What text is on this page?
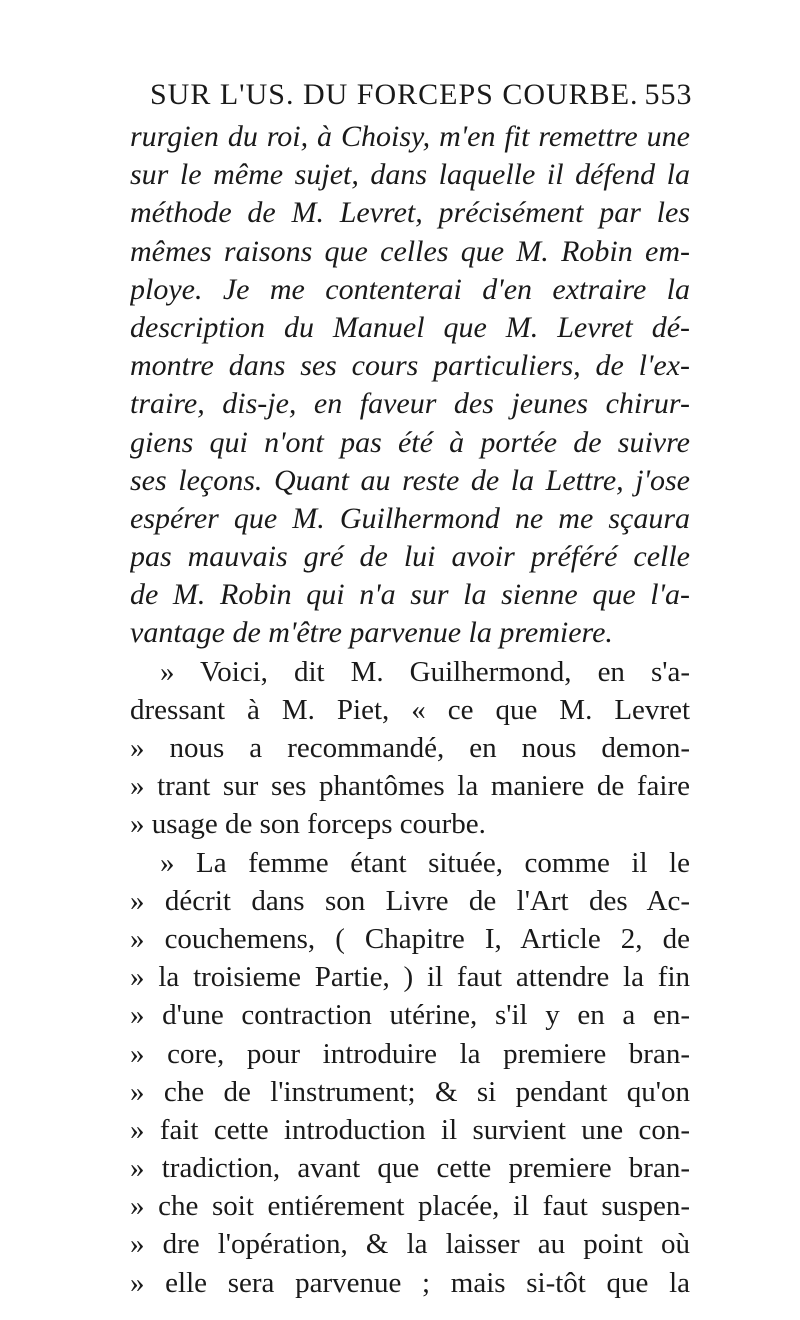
SUR L'US. DU FORCEPS COURBE. 553
rurgien du roi, à Choisy, m'en fit remettre une
sur le même sujet, dans laquelle il défend la
méthode de M. Levret, précisément par les
mêmes raisons que celles que M. Robin em-
ploye. Je me contenterai d'en extraire la
description du Manuel que M. Levret dé-
montre dans ses cours particuliers, de l'ex-
traire, dis-je, en faveur des jeunes chirur-
giens qui n'ont pas été à portée de suivre
ses leçons. Quant au reste de la Lettre, j'ose
espérer que M. Guilhermond ne me sçaura
pas mauvais gré de lui avoir préféré celle
de M. Robin qui n'a sur la sienne que l'a-
vantage de m'être parvenue la premiere.
» Voici, dit M. Guilhermond, en s'a-
dressant à M. Piet, « ce que M. Levret
» nous a recommandé, en nous demon-
» trant sur ses phantômes la maniere de faire
» usage de son forceps courbe.
» La femme étant située, comme il le
» décrit dans son Livre de l'Art des Ac-
» couchemens, ( Chapitre I, Article 2, de
» la troisieme Partie, ) il faut attendre la fin
» d'une contraction utérine, s'il y en a en-
» core, pour introduire la premiere bran-
» che de l'instrument; & si pendant qu'on
» fait cette introduction il survient une con-
» tradiction, avant que cette premiere bran-
» che soit entiérement placée, il faut suspen-
» dre l'opération, & la laisser au point où
» elle sera parvenue ; mais si-tôt que la
